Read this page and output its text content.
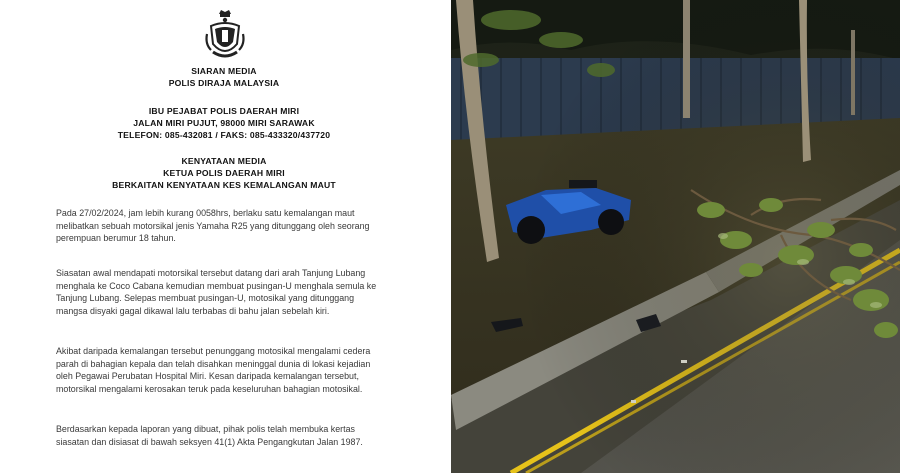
SIARAN MEDIA
POLIS DIRAJA MALAYSIA
IBU PEJABAT POLIS DAERAH MIRI
JALAN MIRI PUJUT, 98000 MIRI SARAWAK
TELEFON: 085-432081 / FAKS: 085-433320/437720
KENYATAAN MEDIA
KETUA POLIS DAERAH MIRI
BERKAITAN KENYATAAN KES KEMALANGAN MAUT
Pada 27/02/2024, jam lebih kurang 0058hrs, berlaku satu kemalangan maut
melibatkan sebuah motorsikal jenis Yamaha R25 yang ditunggang oleh seorang
perempuan berumur 18 tahun.
Siasatan awal mendapati motorsikal tersebut datang dari arah Tanjung Lubang
menghala ke Coco Cabana kemudian membuat pusingan-U menghala semula ke
Tanjung Lubang. Selepas membuat pusingan-U, motosikal yang ditunggang
mangsa disyaki gagal dikawal lalu terbabas di bahu jalan sebelah kiri.
Akibat daripada kemalangan tersebut penunggang motosikal mengalami cedera
parah di bahagian kepala dan telah disahkan meninggal dunia di lokasi kejadian
oleh Pegawai Perubatan Hospital Miri. Kesan daripada kemalangan tersebut,
motorsikal mengalami kerosakan teruk pada keseluruhan bahagian motosikal.
Berdasarkan kepada laporan yang dibuat, pihak polis telah membuka kertas
siasatan dan disiasat di bawah seksyen 41(1) Akta Pengangkutan Jalan 1987.
